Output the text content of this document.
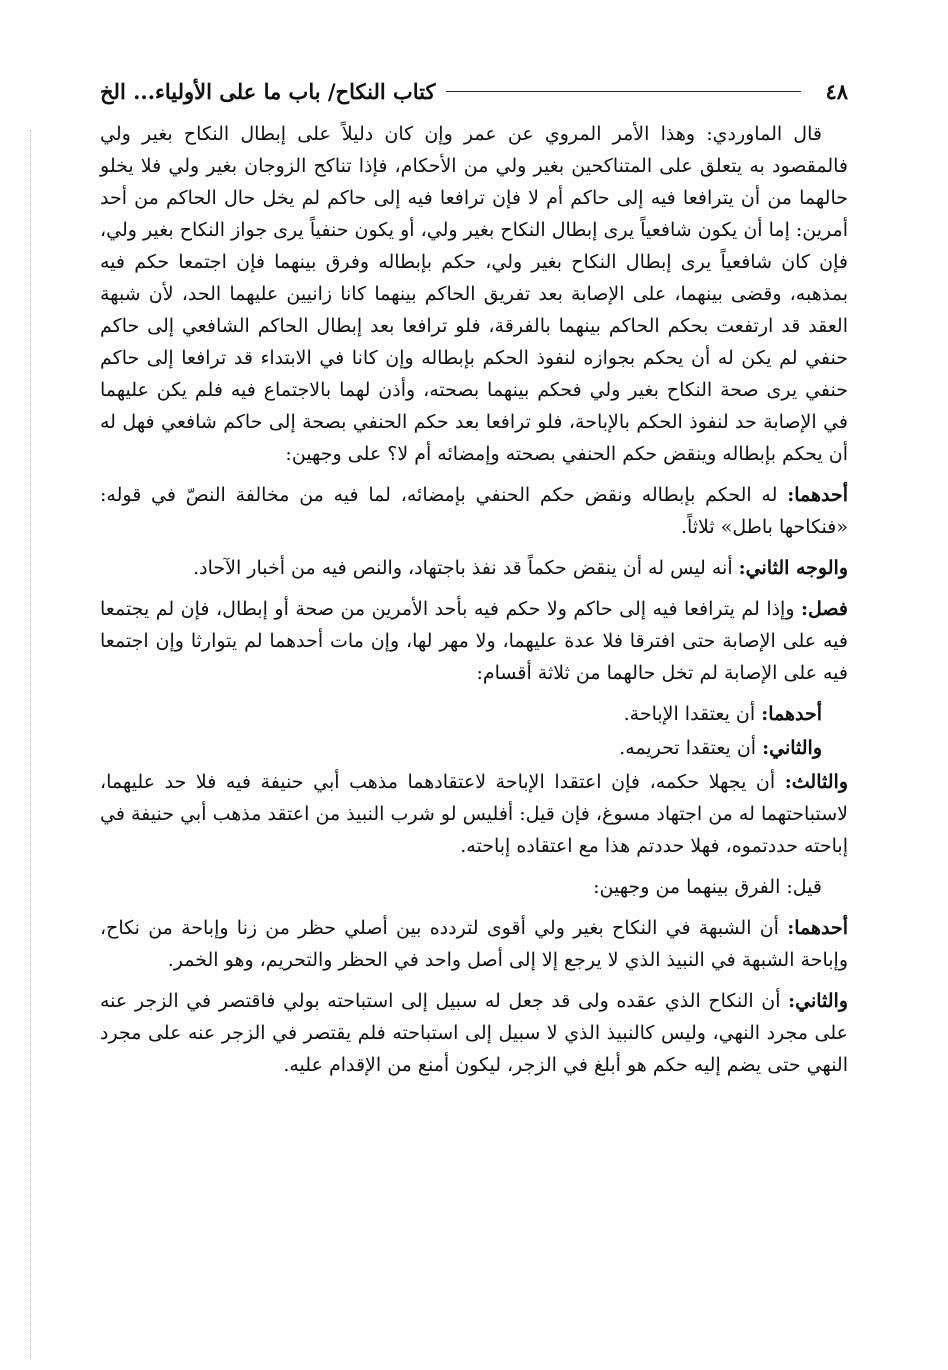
٤٨
كتاب النكاح/ باب ما على الأولياء... الخ

قال الماوردي: وهذا الأمر المروي عن عمر وإن كان دليلاً على إبطال النكاح بغير ولي فالمقصود به يتعلق على المتناكحين بغير ولي من الأحكام، فإذا تناكح الزوجان بغير ولي فلا يخلو حالهما من أن يترافعا فيه إلى حاكم أم لا فإن ترافعا فيه إلى حاكم لم يخل حال الحاكم من أحد أمرين: إما أن يكون شافعياً يرى إبطال النكاح بغير ولي، أو يكون حنفياً يرى جواز النكاح بغير ولي، فإن كان شافعياً يرى إبطال النكاح بغير ولي، حكم بإبطاله وفرق بينهما فإن اجتمعا حكم فيه بمذهبه، وقضى بينهما، على الإصابة بعد تفريق الحاكم بينهما كانا زانيين عليهما الحد، لأن شبهة العقد قد ارتفعت بحكم الحاكم بينهما بالفرقة، فلو ترافعا بعد إبطال الحاكم الشافعي إلى حاكم حنفي لم يكن له أن يحكم بجوازه لنفوذ الحكم بإبطاله وإن كانا في الابتداء قد ترافعا إلى حاكم حنفي يرى صحة النكاح بغير ولي فحكم بينهما بصحته، وأذن لهما بالاجتماع فيه فلم يكن عليهما في الإصابة حد لنفوذ الحكم بالإباحة، فلو ترافعا بعد حكم الحنفي بصحة إلى حاكم شافعي فهل له أن يحكم بإبطاله وينقض حكم الحنفي بصحته وإمضائه أم لا؟ على وجهين:

أحدهما: له الحكم بإبطاله ونقض حكم الحنفي بإمضائه، لما فيه من مخالفة النصّ في قوله: «فنكاحها باطل» ثلاثاً.

والوجه الثاني: أنه ليس له أن ينقض حكماً قد نفذ باجتهاد، والنص فيه من أخبار الآحاد.

فصل: وإذا لم يترافعا فيه إلى حاكم ولا حكم فيه بأحد الأمرين من صحة أو إبطال، فإن لم يجتمعا فيه على الإصابة حتى افترقا فلا عدة عليهما، ولا مهر لها، وإن مات أحدهما لم يتوارثا وإن اجتمعا فيه على الإصابة لم تخل حالهما من ثلاثة أقسام:

أحدهما: أن يعتقدا الإباحة.

والثاني: أن يعتقدا تحريمه.

والثالث: أن يجهلا حكمه، فإن اعتقدا الإباحة لاعتقادهما مذهب أبي حنيفة فيه فلا حد عليهما، لاستباحتهما له من اجتهاد مسوغ، فإن قيل: أفليس لو شرب النبيذ من اعتقد مذهب أبي حنيفة في إباحته حددتموه، فهلا حددتم هذا مع اعتقاده إباحته.

قيل: الفرق بينهما من وجهين:

أحدهما: أن الشبهة في النكاح بغير ولي أقوى لتردده بين أصلي حظر من زنا وإباحة من نكاح، وإباحة الشبهة في النبيذ الذي لا يرجع إلا إلى أصل واحد في الحظر والتحريم، وهو الخمر.

والثاني: أن النكاح الذي عقده ولى قد جعل له سبيل إلى استباحته بولي فاقتصر في الزجر عنه على مجرد النهي، وليس كالنبيذ الذي لا سبيل إلى استباحته فلم يقتصر في الزجر عنه على مجرد النهي حتى يضم إليه حكم هو أبلغ في الزجر، ليكون أمنع من الإقدام عليه.
